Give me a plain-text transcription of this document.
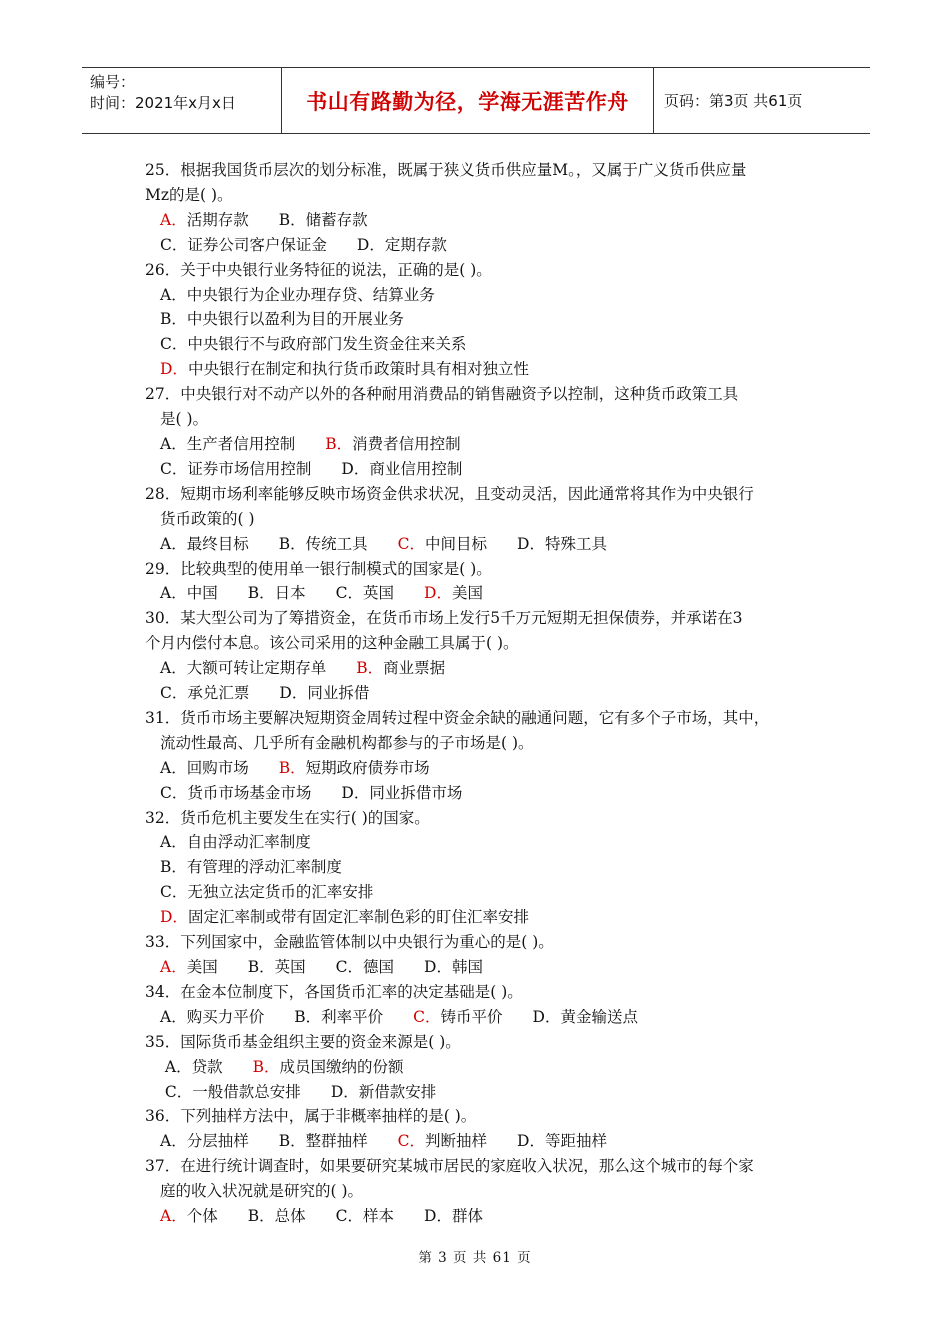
编号：
时间：2021年x月x日	书山有路勤为径，学海无涯苦作舟	页码：第3页 共61页
25．根据我国货币层次的划分标准，既属于狭义货币供应量M。，又属于广义货币供应量
Mz的是( )。
A．活期存款 B．储蓄存款
C．证券公司客户保证金 D．定期存款
26．关于中央银行业务特征的说法，正确的是( )。
A．中央银行为企业办理存贷、结算业务
B．中央银行以盈利为目的开展业务
C．中央银行不与政府部门发生资金往来关系
D．中央银行在制定和执行货币政策时具有相对独立性
27．中央银行对不动产以外的各种耐用消费品的销售融资予以控制，这种货币政策工具
是( )。
A．生产者信用控制 B．消费者信用控制
C．证券市场信用控制 D．商业信用控制
28．短期市场利率能够反映市场资金供求状况，且变动灵活，因此通常将其作为中央银行
货币政策的( )
A．最终目标 B．传统工具 C．中间目标 D．特殊工具
29．比较典型的使用单一银行制模式的国家是( )。
A．中国 B．日本 C．英国 D．美国
30．某大型公司为了筹措资金，在货币市场上发行5千万元短期无担保债券，并承诺在3
个月内偿付本息。该公司采用的这种金融工具属于( )。
A．大额可转让定期存单 B．商业票据
C．承兑汇票 D．同业拆借
31．货币市场主要解决短期资金周转过程中资金余缺的融通问题，它有多个子市场，其中，
流动性最高、几乎所有金融机构都参与的子市场是( )。
A．回购市场 B．短期政府债券市场
C．货币市场基金市场 D．同业拆借市场
32．货币危机主要发生在实行( )的国家。
A．自由浮动汇率制度
B．有管理的浮动汇率制度
C．无独立法定货币的汇率安排
D．固定汇率制或带有固定汇率制色彩的盯住汇率安排
33．下列国家中，金融监管体制以中央银行为重心的是( )。
A．美国 B．英国 C．德国 D．韩国
34．在金本位制度下，各国货币汇率的决定基础是( )。
A．购买力平价 B．利率平价 C．铸币平价 D．黄金输送点
35．国际货币基金组织主要的资金来源是( )。
A．贷款 B．成员国缴纳的份额
C．一般借款总安排 D．新借款安排
36．下列抽样方法中，属于非概率抽样的是( )。
A．分层抽样 B．整群抽样 C．判断抽样 D．等距抽样
37．在进行统计调查时，如果要研究某城市居民的家庭收入状况，那么这个城市的每个家
庭的收入状况就是研究的( )。
A．个体 B．总体 C．样本 D．群体
第 3 页 共 61 页
